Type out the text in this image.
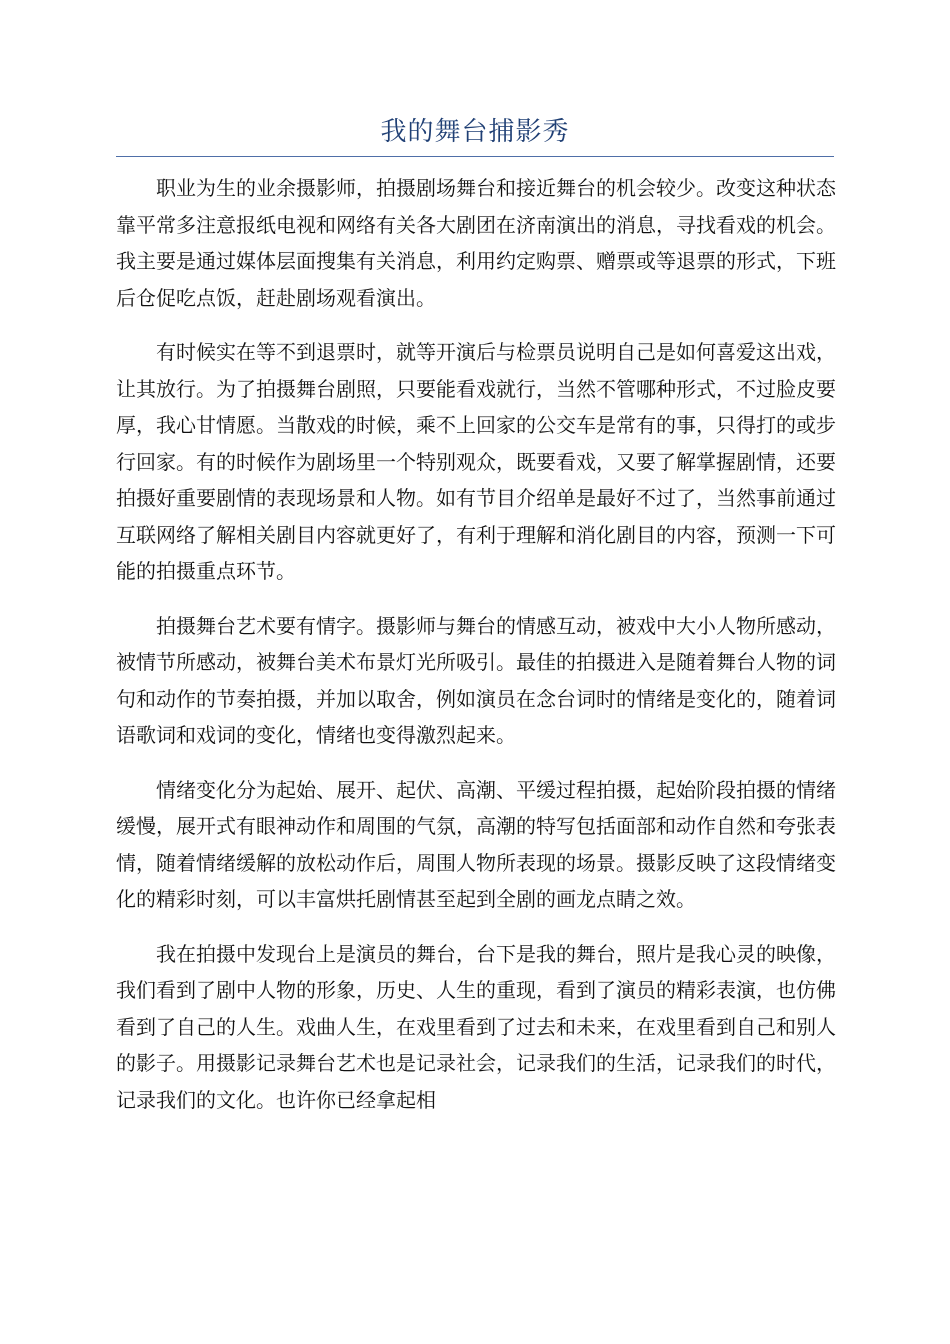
我的舞台捕影秀

职业为生的业余摄影师，拍摄剧场舞台和接近舞台的机会较少。改变这种状态靠平常多注意报纸电视和网络有关各大剧团在济南演出的消息，寻找看戏的机会。我主要是通过媒体层面搜集有关消息，利用约定购票、赠票或等退票的形式，下班后仓促吃点饭，赶赴剧场观看演出。

有时候实在等不到退票时，就等开演后与检票员说明自己是如何喜爱这出戏，让其放行。为了拍摄舞台剧照，只要能看戏就行，当然不管哪种形式，不过脸皮要厚，我心甘情愿。当散戏的时候，乘不上回家的公交车是常有的事，只得打的或步行回家。有的时候作为剧场里一个特别观众，既要看戏，又要了解掌握剧情，还要拍摄好重要剧情的表现场景和人物。如有节目介绍单是最好不过了，当然事前通过互联网络了解相关剧目内容就更好了，有利于理解和消化剧目的内容，预测一下可能的拍摄重点环节。

拍摄舞台艺术要有情字。摄影师与舞台的情感互动，被戏中大小人物所感动，被情节所感动，被舞台美术布景灯光所吸引。最佳的拍摄进入是随着舞台人物的词句和动作的节奏拍摄，并加以取舍，例如演员在念台词时的情绪是变化的，随着词语歌词和戏词的变化，情绪也变得激烈起来。

情绪变化分为起始、展开、起伏、高潮、平缓过程拍摄，起始阶段拍摄的情绪缓慢，展开式有眼神动作和周围的气氛，高潮的特写包括面部和动作自然和夸张表情，随着情绪缓解的放松动作后，周围人物所表现的场景。摄影反映了这段情绪变化的精彩时刻，可以丰富烘托剧情甚至起到全剧的画龙点睛之效。

我在拍摄中发现台上是演员的舞台，台下是我的舞台，照片是我心灵的映像，我们看到了剧中人物的形象，历史、人生的重现，看到了演员的精彩表演，也仿佛看到了自己的人生。戏曲人生，在戏里看到了过去和未来，在戏里看到自己和别人的影子。用摄影记录舞台艺术也是记录社会，记录我们的生活，记录我们的时代，记录我们的文化。也许你已经拿起相
